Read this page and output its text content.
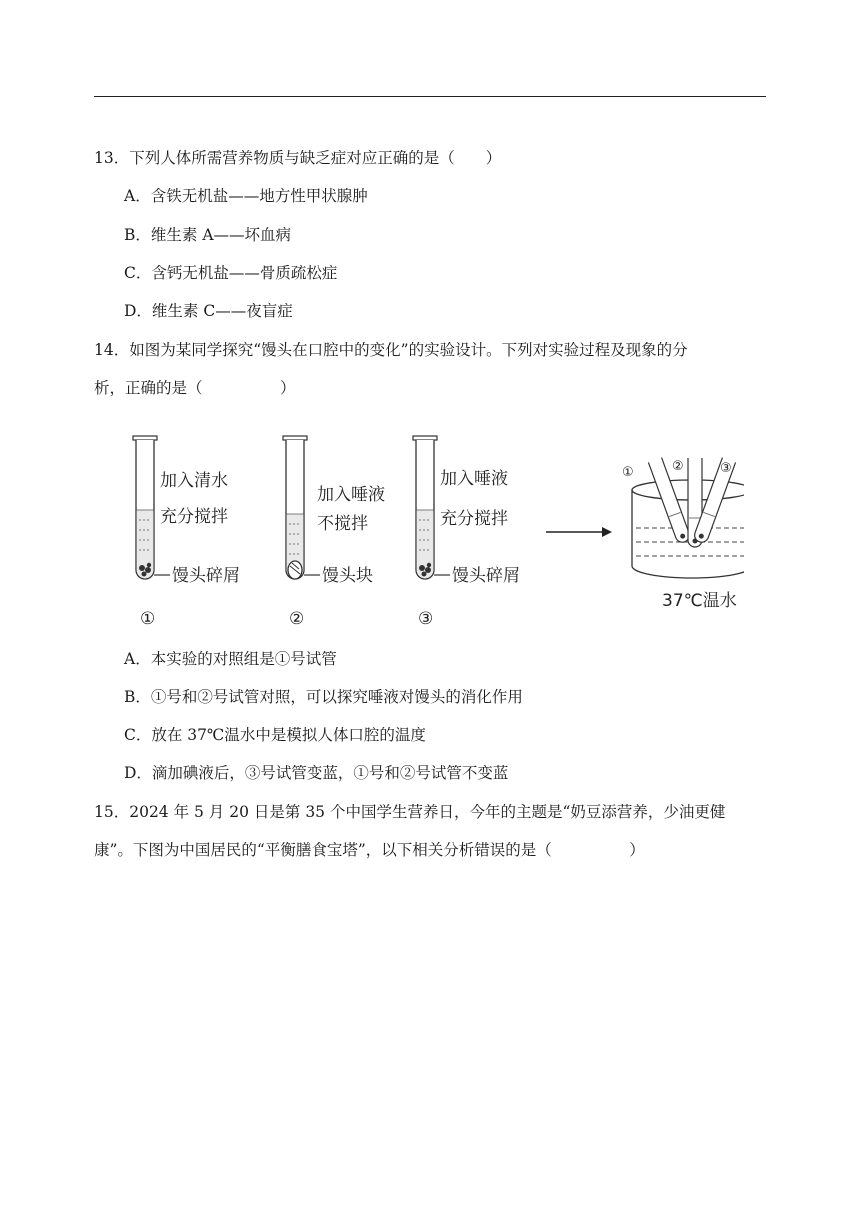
13．下列人体所需营养物质与缺乏症对应正确的是（　　）
A．含铁无机盐——地方性甲状腺肿
B．维生素 A——坏血病
C．含钙无机盐——骨质疏松症
D．维生素 C——夜盲症
14．如图为某同学探究“馒头在口腔中的变化”的实验设计。下列对实验过程及现象的分
析，正确的是（　　　　　）
加入清水
充分搅拌
馒头碎屑
①
加入唾液
不搅拌
馒头块
②
加入唾液
充分搅拌
馒头碎屑
③
①	②	③
37℃温水
A．本实验的对照组是①号试管
B．①号和②号试管对照，可以探究唾液对馒头的消化作用
C．放在 37℃温水中是模拟人体口腔的温度
D．滴加碘液后，③号试管变蓝，①号和②号试管不变蓝
15．2024 年 5 月 20 日是第 35 个中国学生营养日，今年的主题是“奶豆添营养，少油更健
康”。下图为中国居民的“平衡膳食宝塔”，以下相关分析错误的是（　　　　　）
